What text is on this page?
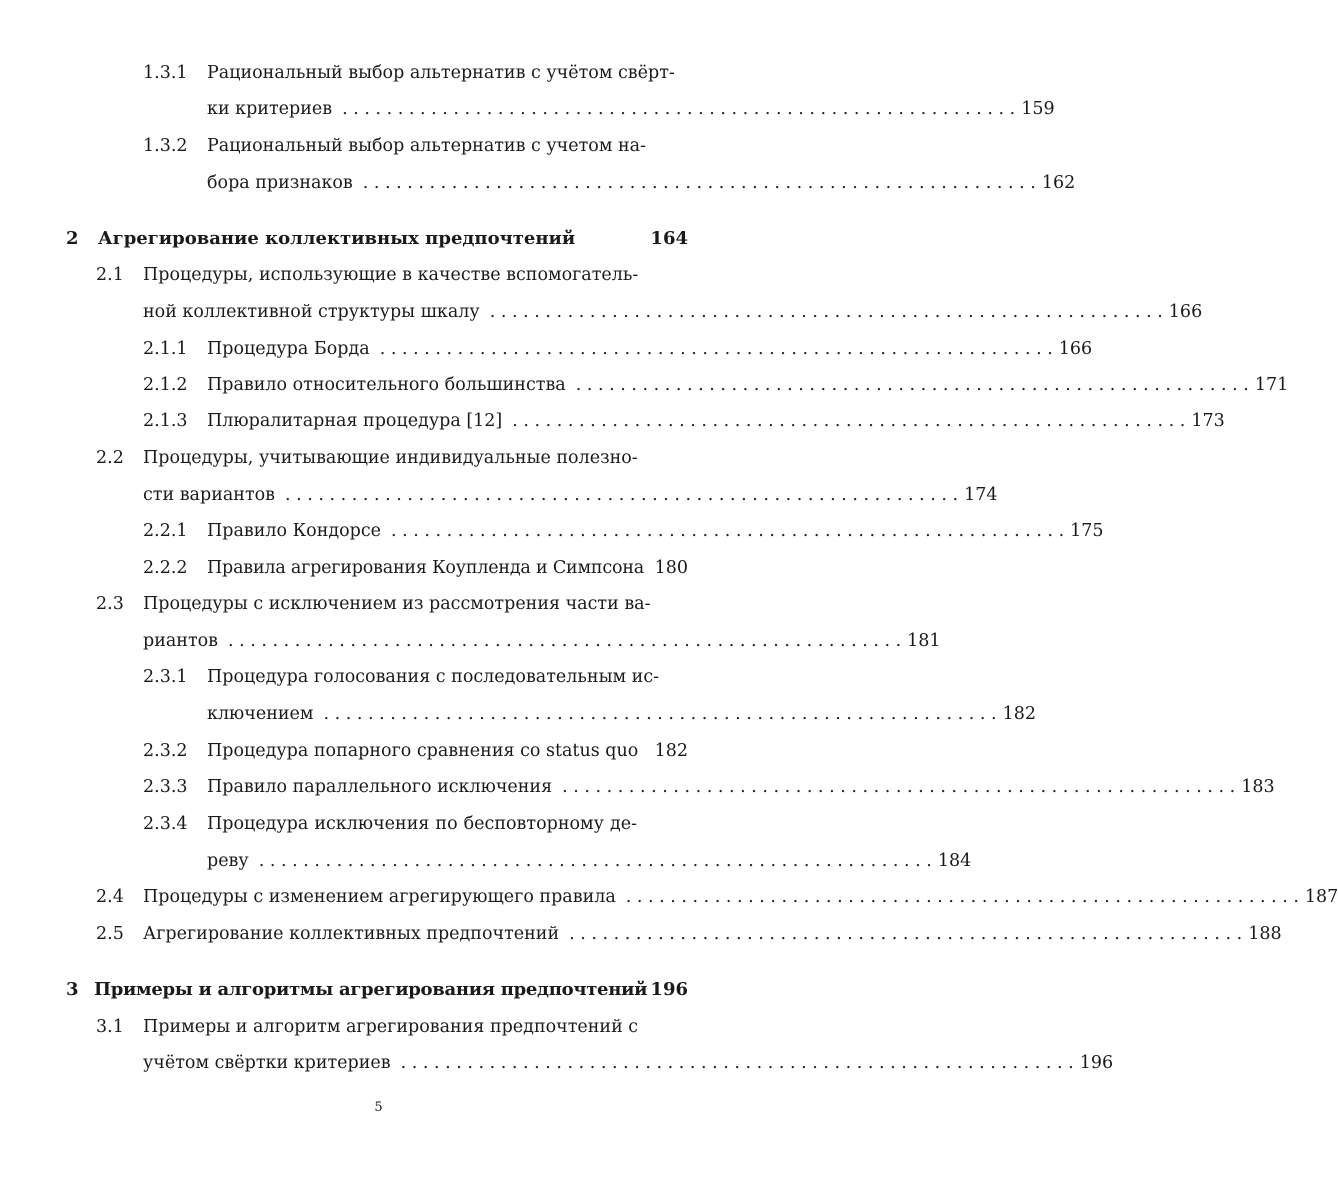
1.3.1 Рациональный выбор альтернатив с учётом свёрт-
ки критериев . . .	159
1.3.2 Рациональный выбор альтернатив с учетом на-
бора признаков . . .	162
2 Агрегирование коллективных предпочтений	164
2.1 Процедуры, использующие в качестве вспомогатель-
ной коллективной структуры шкалу . . .	166
2.1.1 Процедура Борда . . .	166
2.1.2 Правило относительного большинства . . .	171
2.1.3 Плюралитарная процедура [12] . . .	173
2.2 Процедуры, учитывающие индивидуальные полезно-
сти вариантов . . .	174
2.2.1 Правило Кондорсе . . .	175
2.2.2 Правила агрегирования Коупленда и Симпсона 180
2.3 Процедуры с исключением из рассмотрения части ва-
риантов . . .	181
2.3.1 Процедура голосования с последовательным ис-
ключением . . .	182
2.3.2 Процедура попарного сравнения со status quo 182
2.3.3 Правило параллельного исключения . . .	183
2.3.4 Процедура исключения по бесповторному де-
реву . . .	184
2.4 Процедуры с изменением агрегирующего правила . . .	187
2.5 Агрегирование коллективных предпочтений . . .	188
3 Примеры и алгоритмы агрегирования предпочтений 196
3.1 Примеры и алгоритм агрегирования предпочтений с
учётом свёртки критериев . . .	196
5
